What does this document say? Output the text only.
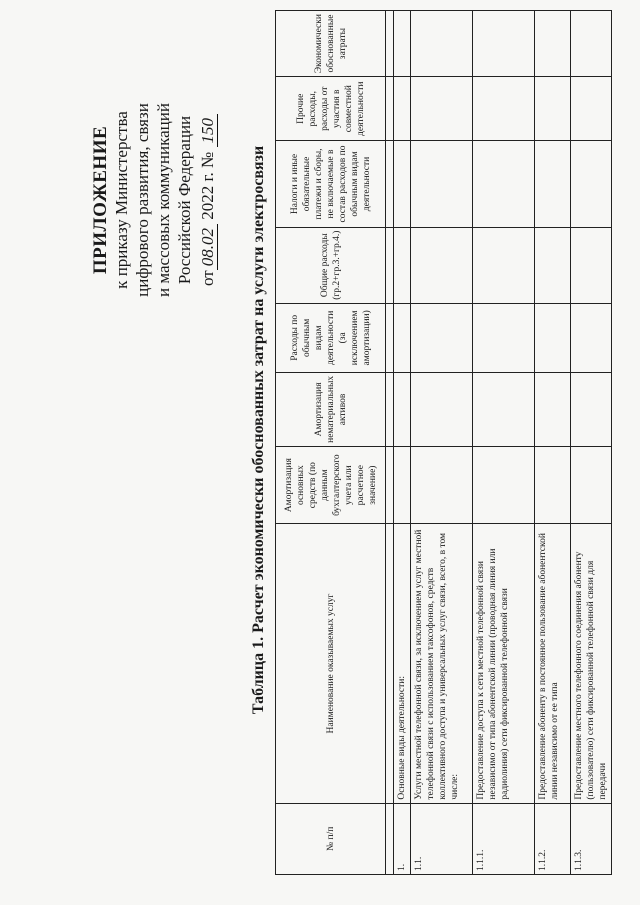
ПРИЛОЖЕНИЕ к приказу Министерства цифрового развития, связи и массовых коммуникаций Российской Федерации от08.02 2022 г. № 150
Таблица 1. Расчет экономически обоснованных затрат на услуги электросвязи
№ п/п	Наименование оказываемых услуг	Амортизация основных средств (по данным бухгалтерского учета или расчетное значение)	Амортизация нематериальных активов	Расходы по обычным видам деятельности (за исключением амортизации)	Общие расходы (гр.2+гр.3.+гр.4.)	Налоги и иные обязательные платежи и сборы, не включаемые в состав расходов по обычным видам деятельности	Прочие расходы, расходы от участия в совместной деятельности	Экономически обоснованные затраты

1.	Основные виды деятельности:							
1.1.	Услуги местной телефонной связи, за исключением услуг местной телефонной связи с использованием таксофонов, средств коллективного доступа и универсальных услуг связи, всего, в том числе:							
1.1.1.	Предоставление доступа к сети местной телефонной связи независимо от типа абонентской линии (проводная линия или радиолиния) сети фиксированной телефонной связи							
1.1.2.	Предоставление абоненту в постоянное пользование абонентской линии независимо от ее типа							
1.1.3.	Предоставление местного телефонного соединения абоненту (пользователю) сети фиксированной телефонной связи для передачи							
